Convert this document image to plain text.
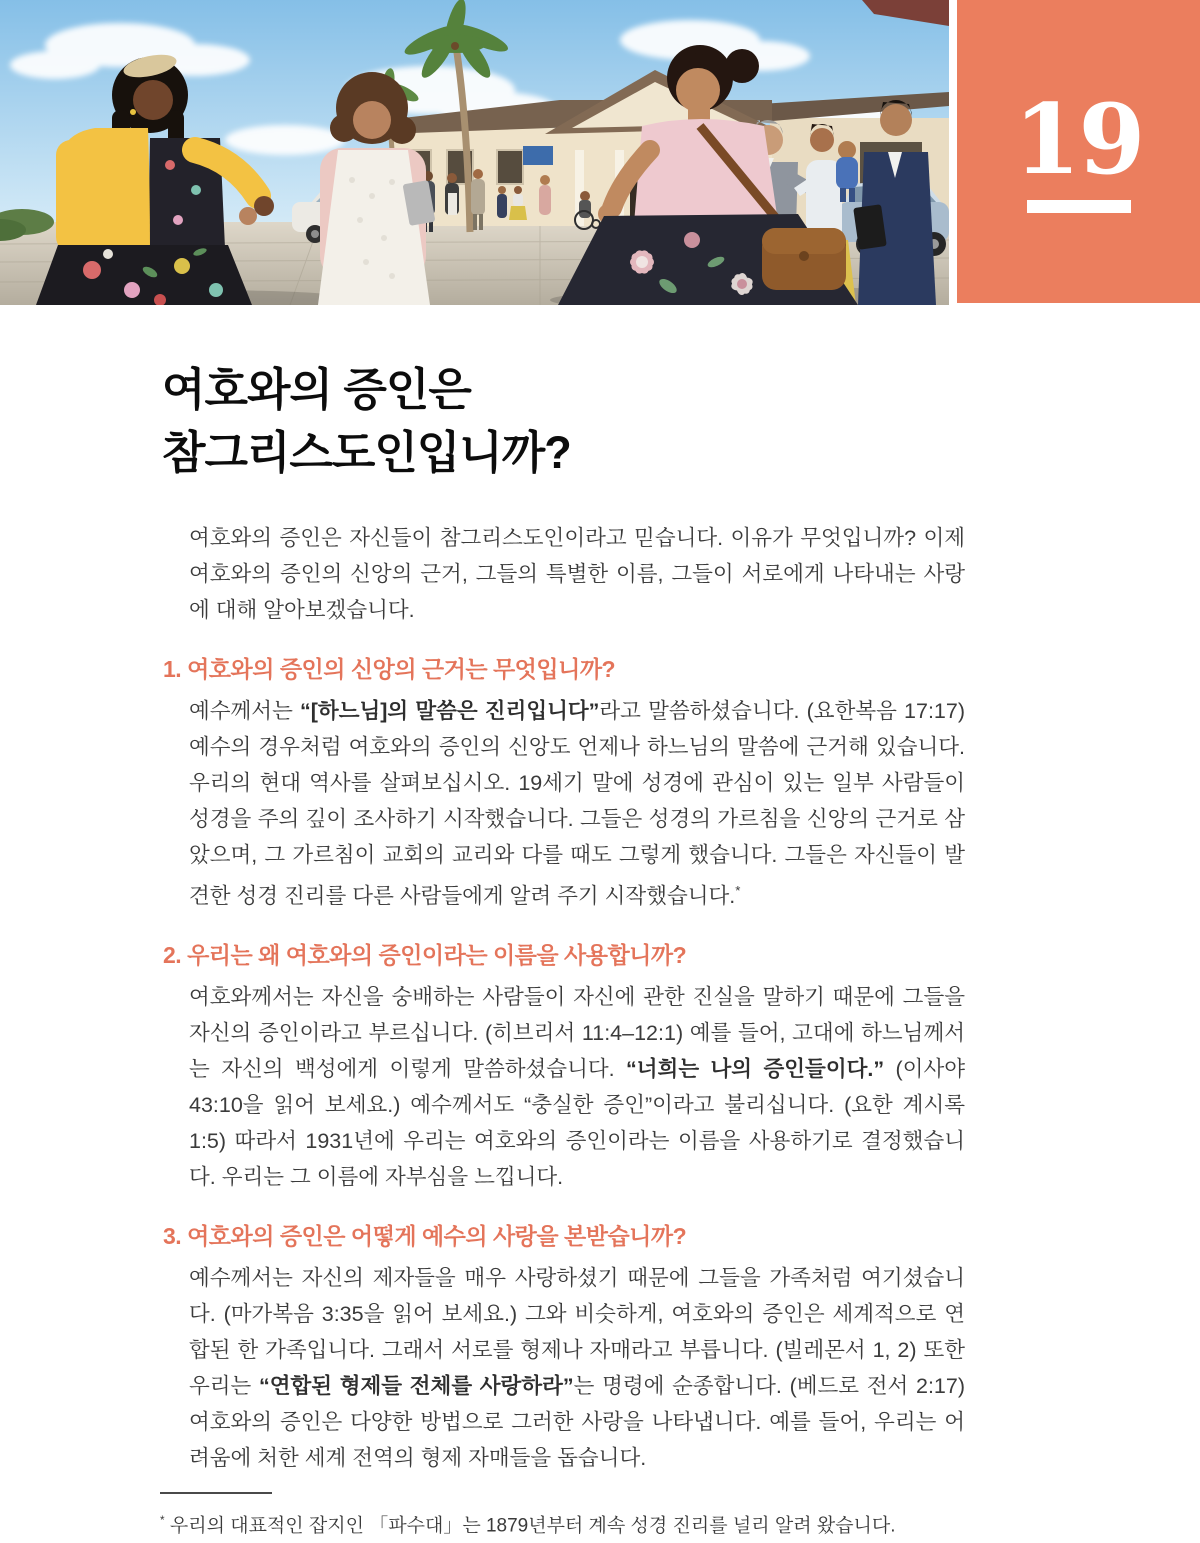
19
여호와의 증인은
참그리스도인입니까?

여호와의 증인은 자신들이 참그리스도인이라고 믿습니다. 이유가 무엇입니까? 이제 여호와의 증인의 신앙의 근거, 그들의 특별한 이름, 그들이 서로에게 나타내는 사랑에 대해 알아보겠습니다.

1. 여호와의 증인의 신앙의 근거는 무엇입니까?

예수께서는 “[하느님]의 말씀은 진리입니다”라고 말씀하셨습니다. (요한복음 17:17) 예수의 경우처럼 여호와의 증인의 신앙도 언제나 하느님의 말씀에 근거해 있습니다. 우리의 현대 역사를 살펴보십시오. 19세기 말에 성경에 관심이 있는 일부 사람들이 성경을 주의 깊이 조사하기 시작했습니다. 그들은 성경의 가르침을 신앙의 근거로 삼았으며, 그 가르침이 교회의 교리와 다를 때도 그렇게 했습니다. 그들은 자신들이 발견한 성경 진리를 다른 사람들에게 알려 주기 시작했습니다.*

2. 우리는 왜 여호와의 증인이라는 이름을 사용합니까?

여호와께서는 자신을 숭배하는 사람들이 자신에 관한 진실을 말하기 때문에 그들을 자신의 증인이라고 부르십니다. (히브리서 11:4–12:1) 예를 들어, 고대에 하느님께서는 자신의 백성에게 이렇게 말씀하셨습니다. “너희는 나의 증인들이다.” (이사야 43:10을 읽어 보세요.) 예수께서도 “충실한 증인”이라고 불리십니다. (요한 계시록 1:5) 따라서 1931년에 우리는 여호와의 증인이라는 이름을 사용하기로 결정했습니다. 우리는 그 이름에 자부심을 느낍니다.

3. 여호와의 증인은 어떻게 예수의 사랑을 본받습니까?

예수께서는 자신의 제자들을 매우 사랑하셨기 때문에 그들을 가족처럼 여기셨습니다. (마가복음 3:35을 읽어 보세요.) 그와 비슷하게, 여호와의 증인은 세계적으로 연합된 한 가족입니다. 그래서 서로를 형제나 자매라고 부릅니다. (빌레몬서 1, 2) 또한 우리는 “연합된 형제들 전체를 사랑하라”는 명령에 순종합니다. (베드로 전서 2:17) 여호와의 증인은 다양한 방법으로 그러한 사랑을 나타냅니다. 예를 들어, 우리는 어려움에 처한 세계 전역의 형제 자매들을 돕습니다.

* 우리의 대표적인 잡지인 「파수대」는 1879년부터 계속 성경 진리를 널리 알려 왔습니다.
